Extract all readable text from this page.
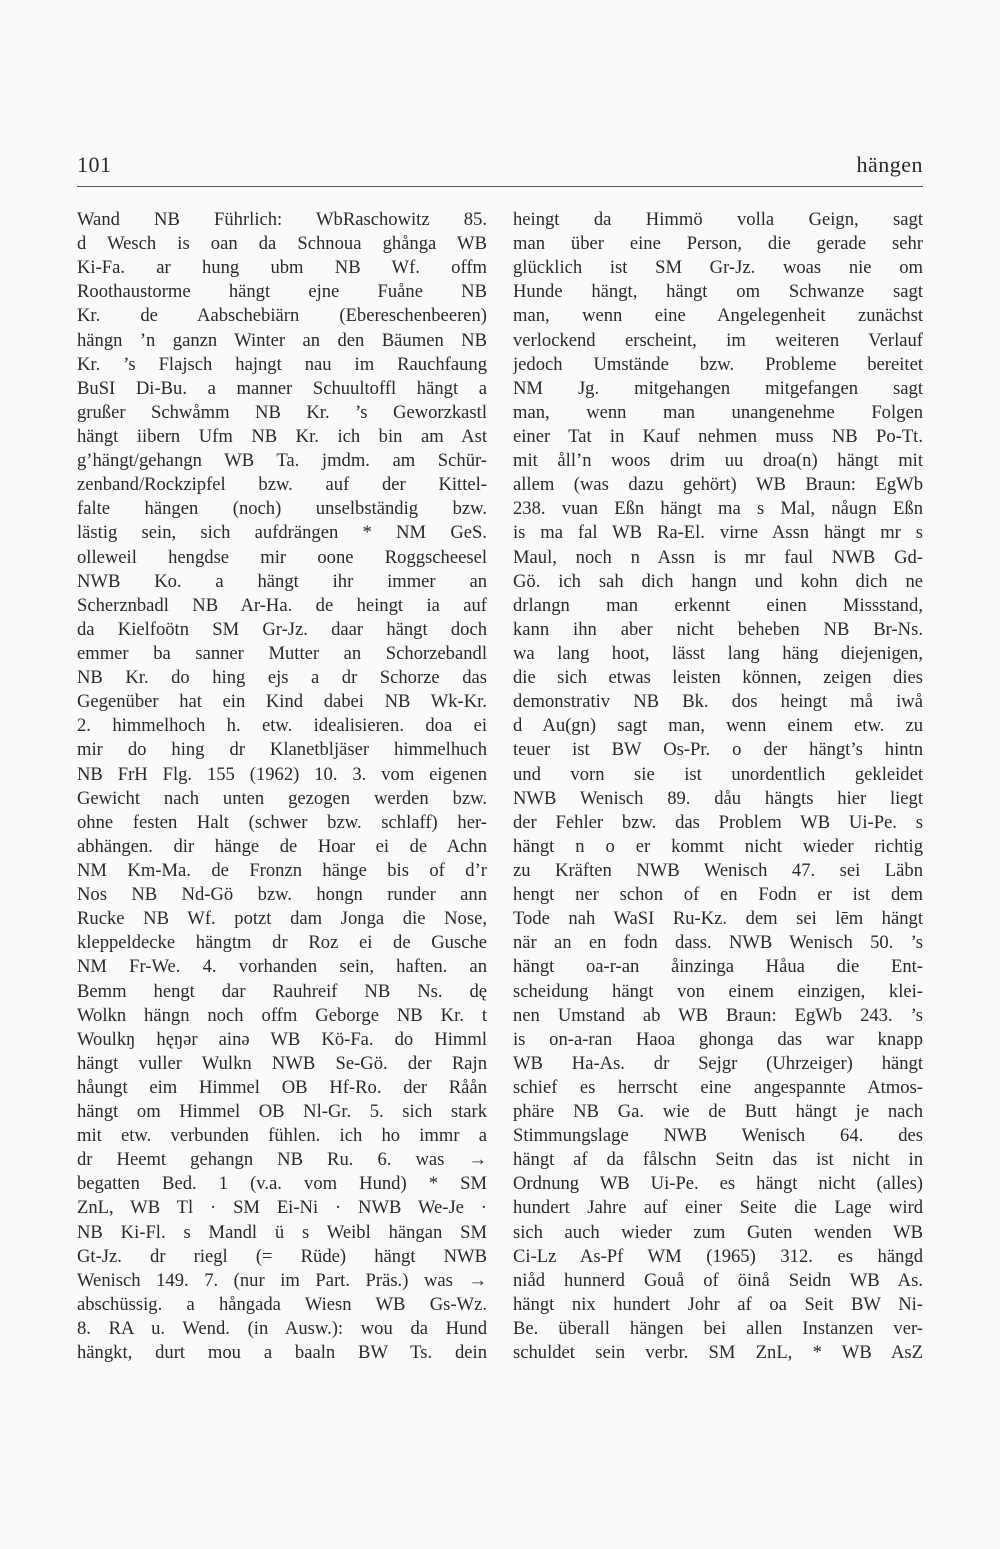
101	hängen
Wand NB Führlich: WbRaschowitz 85.
d Wesch is oan da Schnoua ghånga WB
Ki-Fa. ar hung ubm NB Wf. offm
Roothaustorme hängt ejne Fuåne NB
Kr. de Aabschebiärn (Ebereschenbeeren)
hängn ’n ganzn Winter an den Bäumen NB
Kr. ’s Flajsch hajngt nau im Rauchfaung
BuSI Di-Bu. a manner Schuultoffl hängt a
grußer Schwåmm NB Kr. ’s Geworzkastl
hängt iibern Ufm NB Kr. ich bin am Ast
g’hängt/gehangn WB Ta. jmdm. am Schür-
zenband/Rockzipfel bzw. auf der Kittel-
falte hängen (noch) unselbständig bzw.
lästig sein, sich aufdrängen * NM GeS.
olleweil hengdse mir oone Roggscheesel
NWB Ko. a hängt ihr immer an
Scherznbadl NB Ar-Ha. de heingt ia auf
da Kielfoötn SM Gr-Jz. daar hängt doch
emmer ba sanner Mutter an Schorzebandl
NB Kr. do hing ejs a dr Schorze das
Gegenüber hat ein Kind dabei NB Wk-Kr.
2. himmelhoch h. etw. idealisieren. doa ei
mir do hing dr Klanetbljäser himmelhuch
NB FrH Flg. 155 (1962) 10. 3. vom eigenen
Gewicht nach unten gezogen werden bzw.
ohne festen Halt (schwer bzw. schlaff) her-
abhängen. dir hänge de Hoar ei de Achn
NM Km-Ma. de Fronzn hänge bis of d’r
Nos NB Nd-Gö bzw. hongn runder ann
Rucke NB Wf. potzt dam Jonga die Nose,
kleppeldecke hängtm dr Roz ei de Gusche
NM Fr-We. 4. vorhanden sein, haften. an
Bemm hengt dar Rauhreif NB Ns. dę
Wolkn hängn noch offm Geborge NB Kr. t
Woulkŋ hęŋər ainə WB Kö-Fa. do Himml
hängt vuller Wulkn NWB Se-Gö. der Rajn
håungt eim Himmel OB Hf-Ro. der Råån
hängt om Himmel OB Nl-Gr. 5. sich stark
mit etw. verbunden fühlen. ich ho immr a
dr Heemt gehangn NB Ru. 6. was →
begatten Bed. 1 (v.a. vom Hund) * SM
ZnL, WB Tl · SM Ei-Ni · NWB We-Je ·
NB Ki-Fl. s Mandl ü s Weibl hängan SM
Gt-Jz. dr riegl (= Rüde) hängt NWB
Wenisch 149. 7. (nur im Part. Präs.) was →
abschüssig. a hångada Wiesn WB Gs-Wz.
8. RA u. Wend. (in Ausw.): wou da Hund
hängkt, durt mou a baaln BW Ts. dein
heingt da Himmö volla Geign, sagt
man über eine Person, die gerade sehr
glücklich ist SM Gr-Jz. woas nie om
Hunde hängt, hängt om Schwanze sagt
man, wenn eine Angelegenheit zunächst
verlockend erscheint, im weiteren Verlauf
jedoch Umstände bzw. Probleme bereitet
NM Jg. mitgehangen mitgefangen sagt
man, wenn man unangenehme Folgen
einer Tat in Kauf nehmen muss NB Po-Tt.
mit åll’n woos drim uu droa(n) hängt mit
allem (was dazu gehört) WB Braun: EgWb
238. vuan Eßn hängt ma s Mal, nåugn Eßn
is ma fal WB Ra-El. virne Assn hängt mr s
Maul, noch n Assn is mr faul NWB Gd-
Gö. ich sah dich hangn und kohn dich ne
drlangn man erkennt einen Missstand,
kann ihn aber nicht beheben NB Br-Ns.
wa lang hoot, lässt lang häng diejenigen,
die sich etwas leisten können, zeigen dies
demonstrativ NB Bk. dos heingt må iwå
d Au(gn) sagt man, wenn einem etw. zu
teuer ist BW Os-Pr. o der hängt’s hintn
und vorn sie ist unordentlich gekleidet
NWB Wenisch 89. dåu hängts hier liegt
der Fehler bzw. das Problem WB Ui-Pe. s
hängt n o er kommt nicht wieder richtig
zu Kräften NWB Wenisch 47. sei Läbn
hengt ner schon of en Fodn er ist dem
Tode nah WaSI Ru-Kz. dem sei lēm hängt
när an en fodn dass. NWB Wenisch 50. ’s
hängt oa-r-an åinzinga Håua die Ent-
scheidung hängt von einem einzigen, klei-
nen Umstand ab WB Braun: EgWb 243. ’s
is on-a-ran Haoa ghonga das war knapp
WB Ha-As. dr Sejgr (Uhrzeiger) hängt
schief es herrscht eine angespannte Atmos-
phäre NB Ga. wie de Butt hängt je nach
Stimmungslage NWB Wenisch 64. des
hängt af da fålschn Seitn das ist nicht in
Ordnung WB Ui-Pe. es hängt nicht (alles)
hundert Jahre auf einer Seite die Lage wird
sich auch wieder zum Guten wenden WB
Ci-Lz As-Pf WM (1965) 312. es hängd
niåd hunnerd Gouå of öinå Seidn WB As.
hängt nix hundert Johr af oa Seit BW Ni-
Be. überall hängen bei allen Instanzen ver-
schuldet sein verbr. SM ZnL, * WB AsZ
